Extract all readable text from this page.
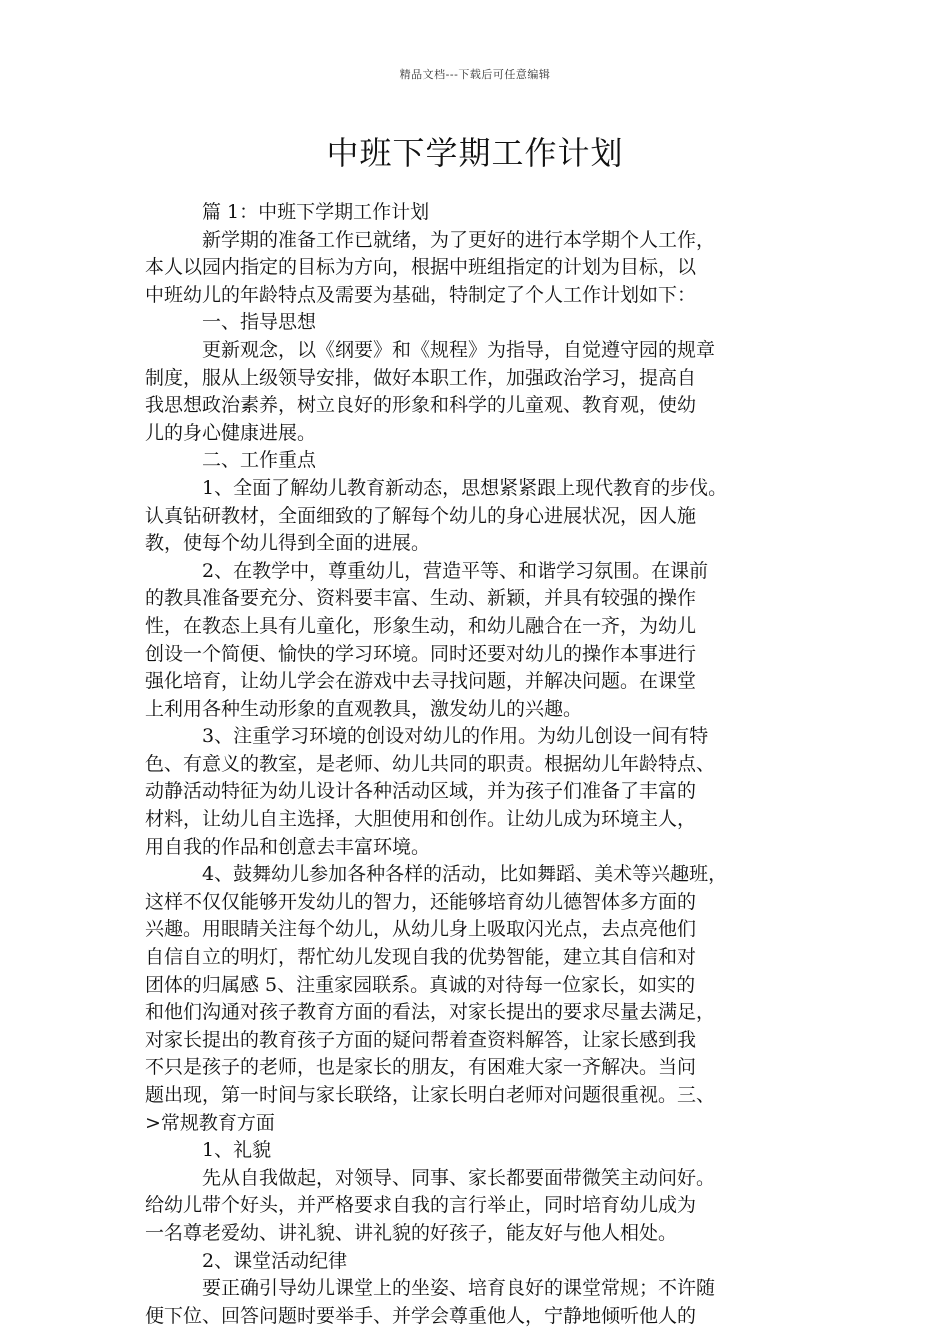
精品文档---下载后可任意编辑
中班下学期工作计划
篇 1：中班下学期工作计划
新学期的准备工作已就绪，为了更好的进行本学期个人工作，
本人以园内指定的目标为方向，根据中班组指定的计划为目标，以
中班幼儿的年龄特点及需要为基础，特制定了个人工作计划如下：
一、指导思想
更新观念，以《纲要》和《规程》为指导，自觉遵守园的规章
制度，服从上级领导安排，做好本职工作，加强政治学习，提高自
我思想政治素养，树立良好的形象和科学的儿童观、教育观，使幼
儿的身心健康进展。
二、工作重点
1、全面了解幼儿教育新动态，思想紧紧跟上现代教育的步伐。
认真钻研教材，全面细致的了解每个幼儿的身心进展状况，因人施
教，使每个幼儿得到全面的进展。
2、在教学中，尊重幼儿，营造平等、和谐学习氛围。在课前
的教具准备要充分、资料要丰富、生动、新颖，并具有较强的操作
性，在教态上具有儿童化，形象生动，和幼儿融合在一齐，为幼儿
创设一个简便、愉快的学习环境。同时还要对幼儿的操作本事进行
强化培育，让幼儿学会在游戏中去寻找问题，并解决问题。在课堂
上利用各种生动形象的直观教具，激发幼儿的兴趣。
3、注重学习环境的创设对幼儿的作用。为幼儿创设一间有特
色、有意义的教室，是老师、幼儿共同的职责。根据幼儿年龄特点、
动静活动特征为幼儿设计各种活动区域，并为孩子们准备了丰富的
材料，让幼儿自主选择，大胆使用和创作。让幼儿成为环境主人，
用自我的作品和创意去丰富环境。
4、鼓舞幼儿参加各种各样的活动，比如舞蹈、美术等兴趣班，
这样不仅仅能够开发幼儿的智力，还能够培育幼儿德智体多方面的
兴趣。用眼睛关注每个幼儿，从幼儿身上吸取闪光点，去点亮他们
自信自立的明灯，帮忙幼儿发现自我的优势智能，建立其自信和对
团体的归属感 5、注重家园联系。真诚的对待每一位家长，如实的
和他们沟通对孩子教育方面的看法，对家长提出的要求尽量去满足，
对家长提出的教育孩子方面的疑问帮着查资料解答，让家长感到我
不只是孩子的老师，也是家长的朋友，有困难大家一齐解决。当问
题出现，第一时间与家长联络，让家长明白老师对问题很重视。三、
>常规教育方面
1、礼貌
先从自我做起，对领导、同事、家长都要面带微笑主动问好。
给幼儿带个好头，并严格要求自我的言行举止，同时培育幼儿成为
一名尊老爱幼、讲礼貌、讲礼貌的好孩子，能友好与他人相处。
2、课堂活动纪律
要正确引导幼儿课堂上的坐姿、培育良好的课堂常规；不许随
便下位、回答问题时要举手、并学会尊重他人，宁静地倾听他人的
